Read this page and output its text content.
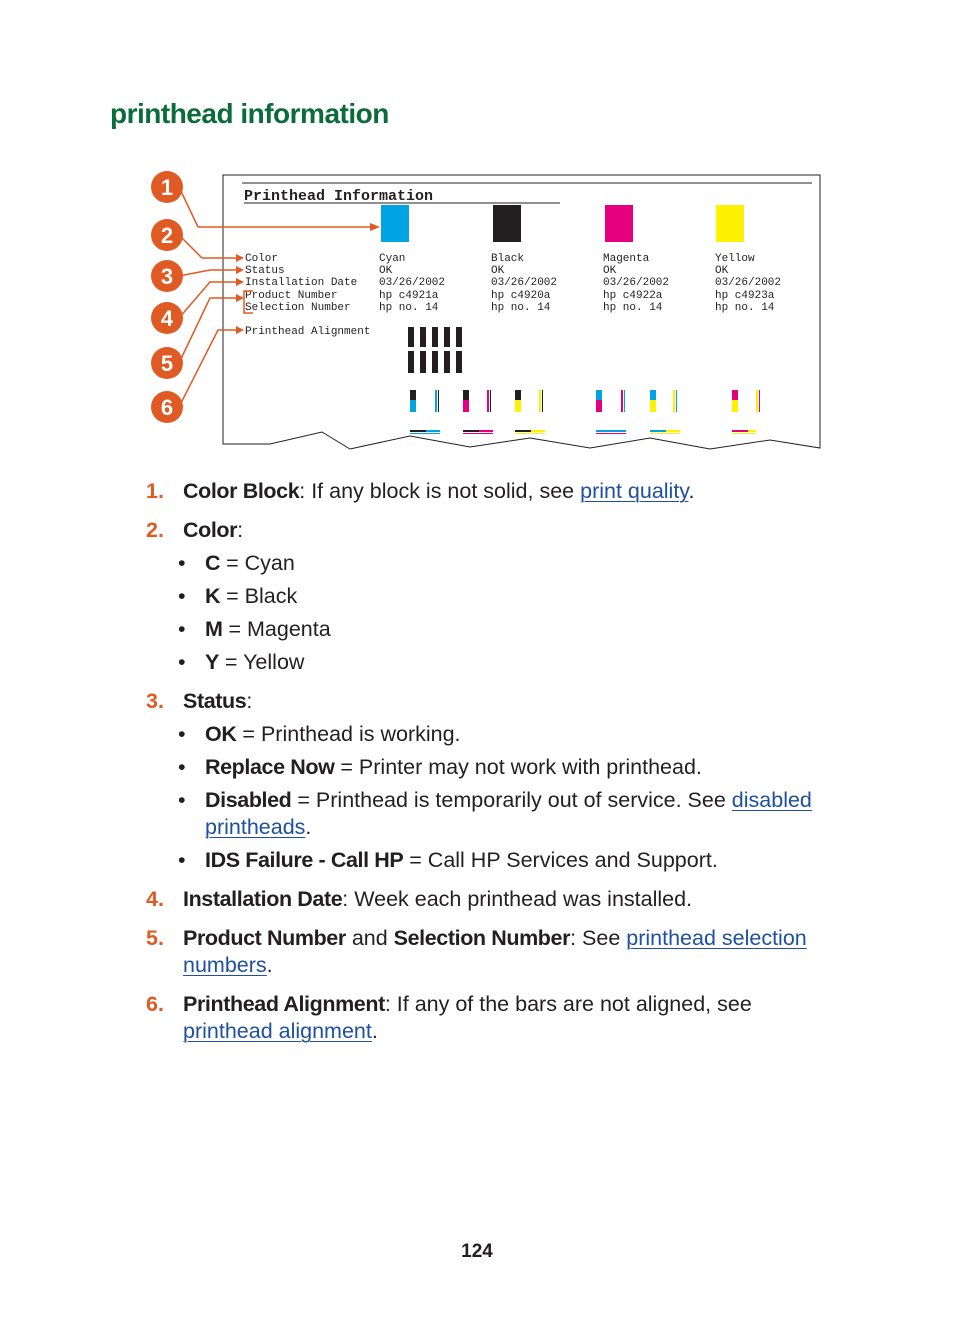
printhead information
Printhead Information
Color
Status
Installation Date
Product Number
Selection Number
Printhead Alignment
Cyan
OK
03/26/2002
hp c4921a
hp no. 14
Black
OK
03/26/2002
hp c4920a
hp no. 14
Magenta
OK
03/26/2002
hp c4922a
hp no. 14
Yellow
OK
03/26/2002
hp c4923a
hp no. 14
1
2
3
4
5
6
1. Color Block: If any block is not solid, see print quality.
2. Color:
• C = Cyan
• K = Black
• M = Magenta
• Y = Yellow
3. Status:
• OK = Printhead is working.
• Replace Now = Printer may not work with printhead.
• Disabled = Printhead is temporarily out of service. See disabled printheads.
• IDS Failure - Call HP = Call HP Services and Support.
4. Installation Date: Week each printhead was installed.
5. Product Number and Selection Number: See printhead selection numbers.
6. Printhead Alignment: If any of the bars are not aligned, see printhead alignment.
124
